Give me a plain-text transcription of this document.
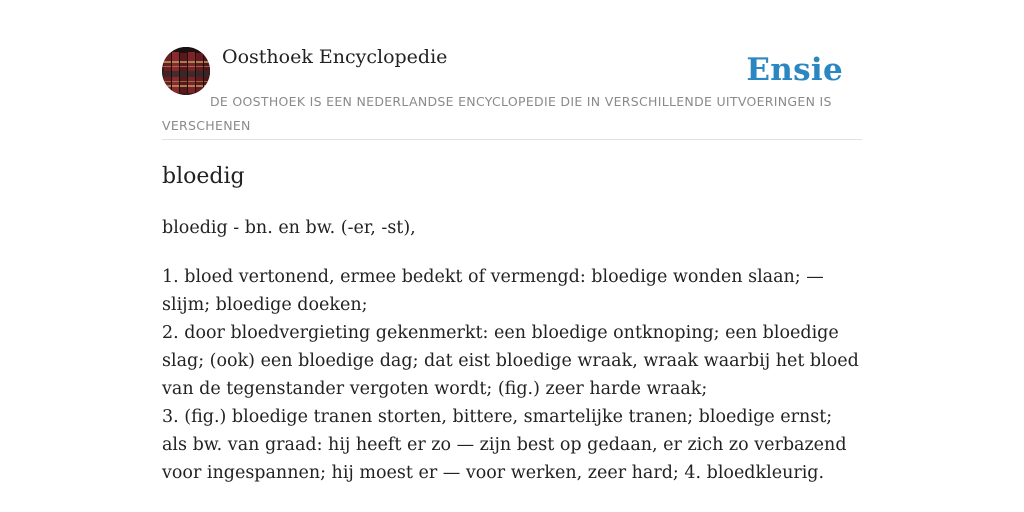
Oosthoek Encyclopedie	Ensie
DE OOSTHOEK IS EEN NEDERLANDSE ENCYCLOPEDIE DIE IN VERSCHILLENDE UITVOERINGEN IS VERSCHENEN
bloedig
bloedig - bn. en bw. (-er, -st),

1. bloed vertonend, ermee bedekt of vermengd: bloedige wonden slaan; — slijm; bloedige doeken;

2. door bloedvergieting gekenmerkt: een bloedige ontknoping; een bloedige slag; (ook) een bloedige dag; dat eist bloedige wraak, wraak waarbij het bloed van de tegenstander vergoten wordt; (fig.) zeer harde wraak;

3. (fig.) bloedige tranen storten, bittere, smartelijke tranen; bloedige ernst; als bw. van graad: hij heeft er zo — zijn best op gedaan, er zich zo verbazend voor ingespannen; hij moest er — voor werken, zeer hard; 4. bloedkleurig.
